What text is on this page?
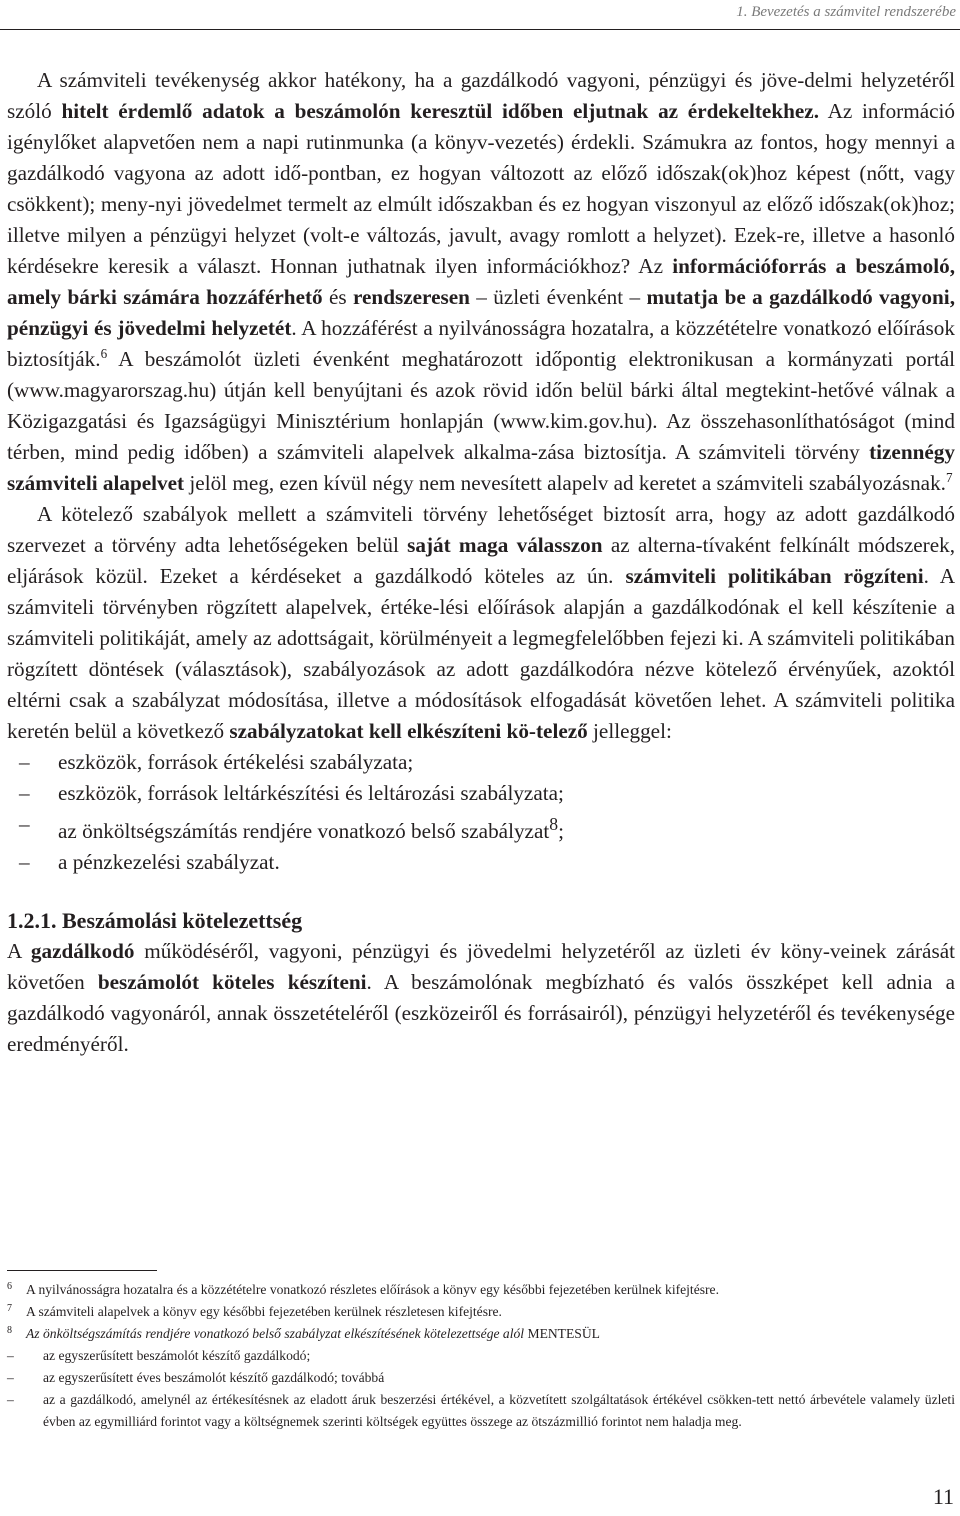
1. Bevezetés a számvitel rendszerébe

A számviteli tevékenység akkor hatékony, ha a gazdálkodó vagyoni, pénzügyi és jöve-delmi helyzetéről szóló hitelt érdemlő adatok a beszámolón keresztül időben eljutnak az érdekeltekhez. Az információ igénylőket alapvetően nem a napi rutinmunka (a könyv-vezetés) érdekli. Számukra az fontos, hogy mennyi a gazdálkodó vagyona az adott idő-pontban, ez hogyan változott az előző időszak(ok)hoz képest (nőtt, vagy csökkent); meny-nyi jövedelmet termelt az elmúlt időszakban és ez hogyan viszonyul az előző időszak(ok)hoz; illetve milyen a pénzügyi helyzet (volt-e változás, javult, avagy romlott a helyzet). Ezek-re, illetve a hasonló kérdésekre keresik a választ. Honnan juthatnak ilyen információkhoz? Az információforrás a beszámoló, amely bárki számára hozzáférhető és rendszeresen – üzleti évenként – mutatja be a gazdálkodó vagyoni, pénzügyi és jövedelmi helyzetét. A hozzáférést a nyilvánosságra hozatalra, a közzétételre vonatkozó előírások biztosítják.$^6$ A beszámolót üzleti évenként meghatározott időpontig elektronikusan a kormányzati portál (www.magyarorszag.hu) útján kell benyújtani és azok rövid időn belül bárki által megtekint-hetővé válnak a Közigazgatási és Igazságügyi Minisztérium honlapján (www.kim.gov.hu). Az összehasonlíthatóságot (mind térben, mind pedig időben) a számviteli alapelvek alkalma-zása biztosítja. A számviteli törvény tizennégy számviteli alapelvet jelöl meg, ezen kívül négy nem nevesített alapelv ad keretet a számviteli szabályozásnak.$^7$

A kötelező szabályok mellett a számviteli törvény lehetőséget biztosít arra, hogy az adott gazdálkodó szervezet a törvény adta lehetőségeken belül saját maga válasszon az alterna-tívaként felkínált módszerek, eljárások közül. Ezeket a kérdéseket a gazdálkodó köteles az ún. számviteli politikában rögzíteni. A számviteli törvényben rögzített alapelvek, értéke-lési előírások alapján a gazdálkodónak el kell készítenie a számviteli politikáját, amely az adottságait, körülményeit a legmegfelelőbben fejezi ki. A számviteli politikában rögzített döntések (választások), szabályozások az adott gazdálkodóra nézve kötelező érvényűek, azoktól eltérni csak a szabályzat módosítása, illetve a módosítások elfogadását követően lehet. A számviteli politika keretén belül a következő szabályzatokat kell elkészíteni kö-telező jelleggel:

– eszközök, források értékelési szabályzata;
– eszközök, források leltárkészítési és leltározási szabályzata;
– az önköltségszámítás rendjére vonatkozó belső szabályzat$^8$;
– a pénzkezelési szabályzat.
1.2.1. Beszámolási kötelezettség

A gazdálkodó működéséről, vagyoni, pénzügyi és jövedelmi helyzetéről az üzleti év köny-veinek zárását követően beszámolót köteles készíteni. A beszámolónak megbízható és valós összképet kell adnia a gazdálkodó vagyonáról, annak összetételéről (eszközeiről és forrásairól), pénzügyi helyzetéről és tevékenysége eredményéről.

6 A nyilvánosságra hozatalra és a közzétételre vonatkozó részletes előírások a könyv egy későbbi fejezetében kerülnek kifejtésre.
7 A számviteli alapelvek a könyv egy későbbi fejezetében kerülnek részletesen kifejtésre.
8 Az önköltségszámítás rendjére vonatkozó belső szabályzat elkészítésének kötelezettsége alól MENTESÜL
– az egyszerűsített beszámolót készítő gazdálkodó;
– az egyszerűsített éves beszámolót készítő gazdálkodó; továbbá
– az a gazdálkodó, amelynél az értékesítésnek az eladott áruk beszerzési értékével, a közvetített szolgáltatások értékével csökken-tett nettó árbevétele valamely üzleti évben az egymilliárd forintot vagy a költségnemek szerinti költségek együttes összege az ötszázmillió forintot nem haladja meg.
11
